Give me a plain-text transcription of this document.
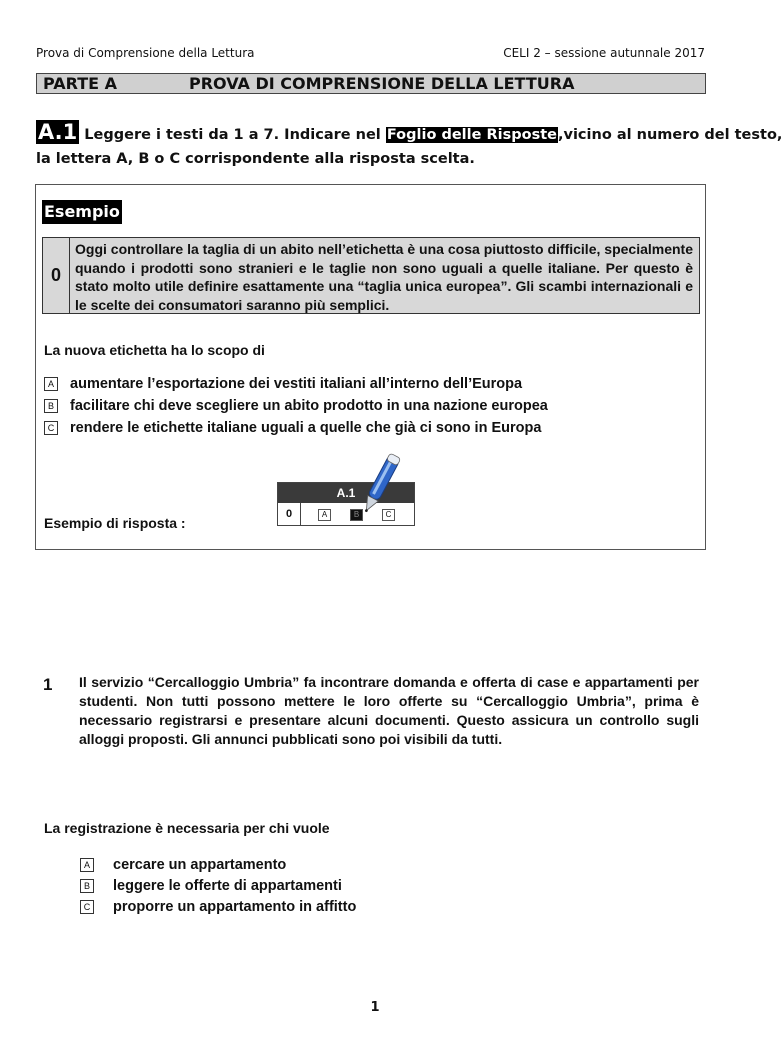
Prova di Comprensione della Lettura	CELI 2 – sessione autunnale 2017
PARTE A	PROVA DI COMPRENSIONE DELLA LETTURA
A.1 Leggere i testi da 1 a 7. Indicare nel Foglio delle Risposte,vicino al numero del testo,
la lettera A, B o C corrispondente alla risposta scelta.
Esempio
0
Oggi controllare la taglia di un abito nell’etichetta è una cosa piuttosto difficile, specialmente quando i prodotti sono stranieri e le taglie non sono uguali a quelle italiane. Per questo è stato molto utile definire esattamente una “taglia unica europea”. Gli scambi internazionali e le scelte dei consumatori saranno più semplici.
La nuova etichetta ha lo scopo di
A aumentare l’esportazione dei vestiti italiani all’interno dell’Europa
B facilitare chi deve scegliere un abito prodotto in una nazione europea
C rendere le etichette italiane uguali a quelle che già ci sono in Europa
Esempio di risposta :
A.1
0	A	B	C
1 Il servizio “Cercalloggio Umbria” fa incontrare domanda e offerta di case e appartamenti per studenti. Non tutti possono mettere le loro offerte su “Cercalloggio Umbria”, prima è necessario registrarsi e presentare alcuni documenti. Questo assicura un controllo sugli alloggi proposti. Gli annunci pubblicati sono poi visibili da tutti.
La registrazione è necessaria per chi vuole
A cercare un appartamento
B leggere le offerte di appartamenti
C proporre un appartamento in affitto
1
